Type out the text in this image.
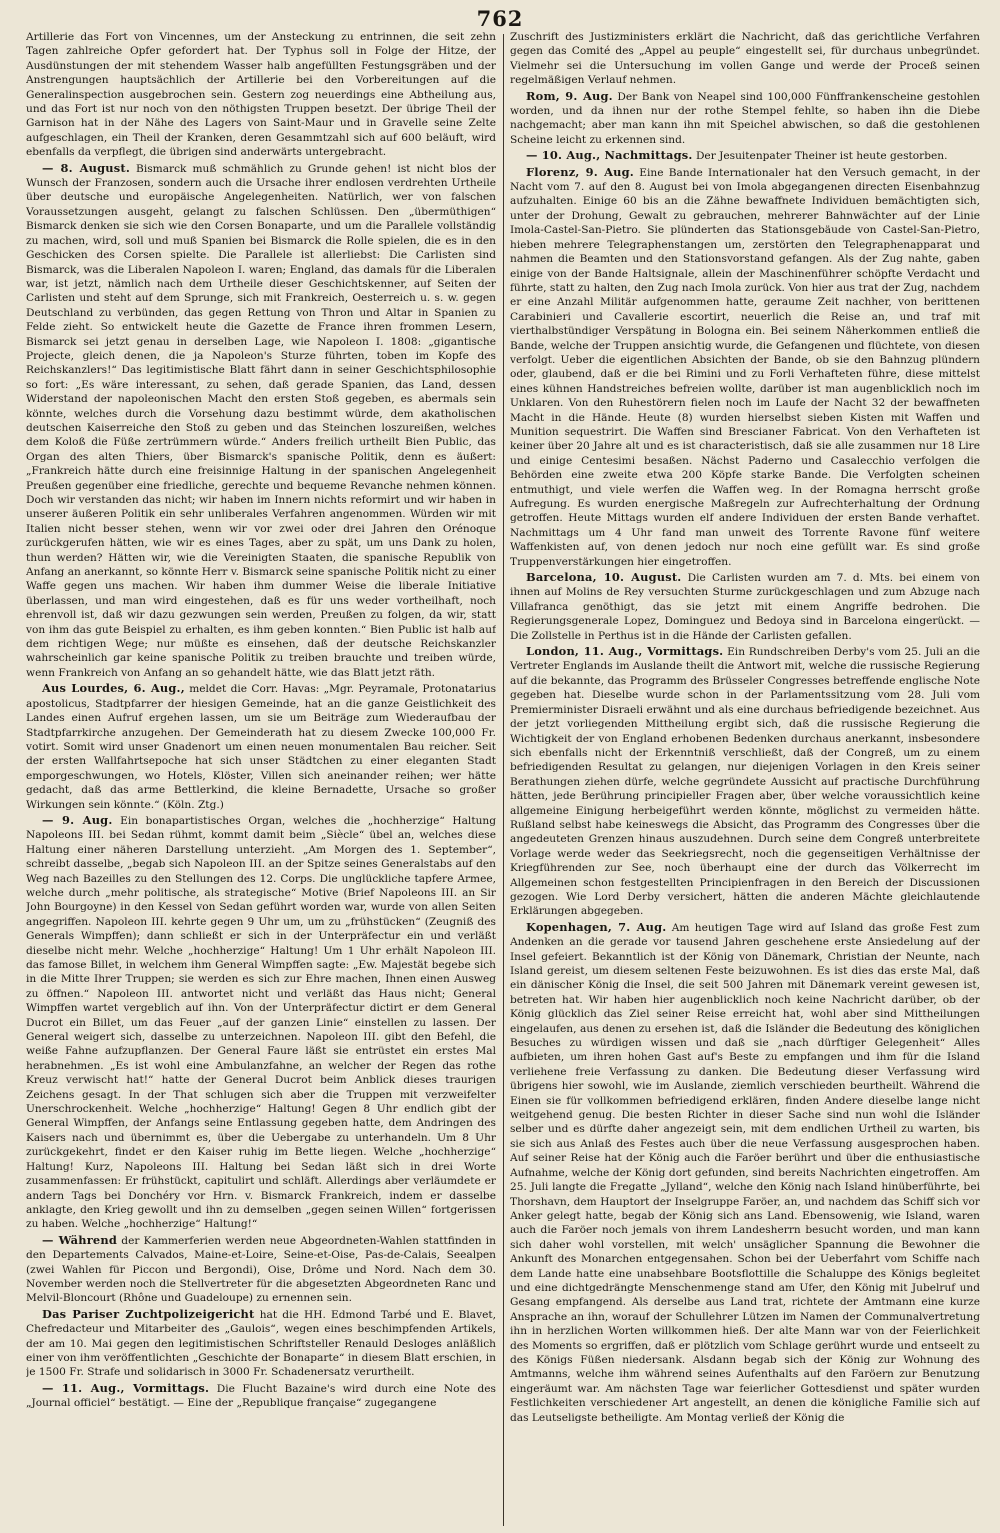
762

Artillerie das Fort von Vincennes, um der Ansteckung zu entrinnen, die seit zehn Tagen zahlreiche Opfer gefordert hat. Der Typhus soll in Folge der Hitze, der Ausdünstungen der mit stehendem Wasser halb angefüllten Festungsgräben und der Anstrengungen hauptsächlich der Artillerie bei den Vorbereitungen auf die Generalinspection ausgebrochen sein. Gestern zog neuerdings eine Abtheilung aus, und das Fort ist nur noch von den nöthigsten Truppen besetzt. Der übrige Theil der Garnison hat in der Nähe des Lagers von Saint-Maur und in Gravelle seine Zelte aufgeschlagen, ein Theil der Kranken, deren Gesammtzahl sich auf 600 beläuft, wird ebenfalls da verpflegt, die übrigen sind anderwärts untergebracht.

— 8. August. Bismarck muß schmählich zu Grunde gehen! ist nicht blos der Wunsch der Franzosen, sondern auch die Ursache ihrer endlosen verdrehten Urtheile über deutsche und europäische Angelegenheiten. Natürlich, wer von falschen Voraussetzungen ausgeht, gelangt zu falschen Schlüssen. Den „übermüthigen“ Bismarck denken sie sich wie den Corsen Bonaparte, und um die Parallele vollständig zu machen, wird, soll und muß Spanien bei Bismarck die Rolle spielen, die es in den Geschicken des Corsen spielte. Die Parallele ist allerliebst: Die Carlisten sind Bismarck, was die Liberalen Napoleon I. waren; England, das damals für die Liberalen war, ist jetzt, nämlich nach dem Urtheile dieser Geschichtskenner, auf Seiten der Carlisten und steht auf dem Sprunge, sich mit Frankreich, Oesterreich u. s. w. gegen Deutschland zu verbünden, das gegen Rettung von Thron und Altar in Spanien zu Felde zieht. So entwickelt heute die Gazette de France ihren frommen Lesern, Bismarck sei jetzt genau in derselben Lage, wie Napoleon I. 1808: „gigantische Projecte, gleich denen, die ja Napoleon's Sturze führten, toben im Kopfe des Reichskanzlers!“ Das legitimistische Blatt fährt dann in seiner Geschichtsphilosophie so fort: „Es wäre interessant, zu sehen, daß gerade Spanien, das Land, dessen Widerstand der napoleonischen Macht den ersten Stoß gegeben, es abermals sein könnte, welches durch die Vorsehung dazu bestimmt würde, dem akatholischen deutschen Kaiserreiche den Stoß zu geben und das Steinchen loszureißen, welches dem Koloß die Füße zertrümmern würde.“ Anders freilich urtheilt Bien Public, das Organ des alten Thiers, über Bismarck's spanische Politik, denn es äußert: „Frankreich hätte durch eine freisinnige Haltung in der spanischen Angelegenheit Preußen gegenüber eine friedliche, gerechte und bequeme Revanche nehmen können. Doch wir verstanden das nicht; wir haben im Innern nichts reformirt und wir haben in unserer äußeren Politik ein sehr unliberales Verfahren angenommen. Würden wir mit Italien nicht besser stehen, wenn wir vor zwei oder drei Jahren den Orénoque zurückgerufen hätten, wie wir es eines Tages, aber zu spät, um uns Dank zu holen, thun werden? Hätten wir, wie die Vereinigten Staaten, die spanische Republik von Anfang an anerkannt, so könnte Herr v. Bismarck seine spanische Politik nicht zu einer Waffe gegen uns machen. Wir haben ihm dummer Weise die liberale Initiative überlassen, und man wird eingestehen, daß es für uns weder vortheilhaft, noch ehrenvoll ist, daß wir dazu gezwungen sein werden, Preußen zu folgen, da wir, statt von ihm das gute Beispiel zu erhalten, es ihm geben konnten.“ Bien Public ist halb auf dem richtigen Wege; nur müßte es einsehen, daß der deutsche Reichskanzler wahrscheinlich gar keine spanische Politik zu treiben brauchte und treiben würde, wenn Frankreich von Anfang an so gehandelt hätte, wie das Blatt jetzt räth.

Aus Lourdes, 6. Aug., meldet die Corr. Havas: „Mgr. Peyramale, Protonatarius apostolicus, Stadtpfarrer der hiesigen Gemeinde, hat an die ganze Geistlichkeit des Landes einen Aufruf ergehen lassen, um sie um Beiträge zum Wiederaufbau der Stadtpfarrkirche anzugehen. Der Gemeinderath hat zu diesem Zwecke 100,000 Fr. votirt. Somit wird unser Gnadenort um einen neuen monumentalen Bau reicher. Seit der ersten Wallfahrtsepoche hat sich unser Städtchen zu einer eleganten Stadt emporgeschwungen, wo Hotels, Klöster, Villen sich aneinander reihen; wer hätte gedacht, daß das arme Bettlerkind, die kleine Bernadette, Ursache so großer Wirkungen sein könnte.“ (Köln. Ztg.)

— 9. Aug. Ein bonapartistisches Organ, welches die „hochherzige“ Haltung Napoleons III. bei Sedan rühmt, kommt damit beim „Siècle“ übel an, welches diese Haltung einer näheren Darstellung unterzieht. „Am Morgen des 1. September“, schreibt dasselbe, „begab sich Napoleon III. an der Spitze seines Generalstabs auf den Weg nach Bazeilles zu den Stellungen des 12. Corps. Die unglückliche tapfere Armee, welche durch „mehr politische, als strategische“ Motive (Brief Napoleons III. an Sir John Bourgoyne) in den Kessel von Sedan geführt worden war, wurde von allen Seiten angegriffen. Napoleon III. kehrte gegen 9 Uhr um, um zu „frühstücken“ (Zeugniß des Generals Wimpffen); dann schließt er sich in der Unterpräfectur ein und verläßt dieselbe nicht mehr. Welche „hochherzige“ Haltung! Um 1 Uhr erhält Napoleon III. das famose Billet, in welchem ihm General Wimpffen sagte: „Ew. Majestät begebe sich in die Mitte Ihrer Truppen; sie werden es sich zur Ehre machen, Ihnen einen Ausweg zu öffnen.“ Napoleon III. antwortet nicht und verläßt das Haus nicht; General Wimpffen wartet vergeblich auf ihn. Von der Unterpräfectur dictirt er dem General Ducrot ein Billet, um das Feuer „auf der ganzen Linie“ einstellen zu lassen. Der General weigert sich, dasselbe zu unterzeichnen. Napoleon III. gibt den Befehl, die weiße Fahne aufzupflanzen. Der General Faure läßt sie entrüstet ein erstes Mal herabnehmen. „Es ist wohl eine Ambulanzfahne, an welcher der Regen das rothe Kreuz verwischt hat!“ hatte der General Ducrot beim Anblick dieses traurigen Zeichens gesagt. In der That schlugen sich aber die Truppen mit verzweifelter Unerschrockenheit. Welche „hochherzige“ Haltung! Gegen 8 Uhr endlich gibt der General Wimpffen, der Anfangs seine Entlassung gegeben hatte, dem Andringen des Kaisers nach und übernimmt es, über die Uebergabe zu unterhandeln. Um 8 Uhr zurückgekehrt, findet er den Kaiser ruhig im Bette liegen. Welche „hochherzige“ Haltung! Kurz, Napoleons III. Haltung bei Sedan läßt sich in drei Worte zusammenfassen: Er frühstückt, capitulirt und schläft. Allerdings aber verläumdete er andern Tags bei Donchéry vor Hrn. v. Bismarck Frankreich, indem er dasselbe anklagte, den Krieg gewollt und ihn zu demselben „gegen seinen Willen“ fortgerissen zu haben. Welche „hochherzige“ Haltung!“

— Während der Kammerferien werden neue Abgeordneten-Wahlen stattfinden in den Departements Calvados, Maine-et-Loire, Seine-et-Oise, Pas-de-Calais, Seealpen (zwei Wahlen für Piccon und Bergondi), Oise, Drôme und Nord. Nach dem 30. November werden noch die Stellvertreter für die abgesetzten Abgeordneten Ranc und Melvil-Bloncourt (Rhône und Guadeloupe) zu ernennen sein.

Das Pariser Zuchtpolizeigericht hat die HH. Edmond Tarbé und E. Blavet, Chefredacteur und Mitarbeiter des „Gaulois“, wegen eines beschimpfenden Artikels, der am 10. Mai gegen den legitimistischen Schriftsteller Renauld Desloges anläßlich einer von ihm veröffentlichten „Geschichte der Bonaparte“ in diesem Blatt erschien, in je 1500 Fr. Strafe und solidarisch in 3000 Fr. Schadenersatz verurtheilt.

— 11. Aug., Vormittags. Die Flucht Bazaine's wird durch eine Note des „Journal officiel“ bestätigt. — Eine der „Republique française“ zugegangene

Zuschrift des Justizministers erklärt die Nachricht, daß das gerichtliche Verfahren gegen das Comité des „Appel au peuple“ eingestellt sei, für durchaus unbegründet. Vielmehr sei die Untersuchung im vollen Gange und werde der Proceß seinen regelmäßigen Verlauf nehmen.

Rom, 9. Aug. Der Bank von Neapel sind 100,000 Fünffrankenscheine gestohlen worden, und da ihnen nur der rothe Stempel fehlte, so haben ihn die Diebe nachgemacht; aber man kann ihn mit Speichel abwischen, so daß die gestohlenen Scheine leicht zu erkennen sind.

— 10. Aug., Nachmittags. Der Jesuitenpater Theiner ist heute gestorben.

Florenz, 9. Aug. Eine Bande Internationaler hat den Versuch gemacht, in der Nacht vom 7. auf den 8. August bei von Imola abgegangenen directen Eisenbahnzug aufzuhalten. Einige 60 bis an die Zähne bewaffnete Individuen bemächtigten sich, unter der Drohung, Gewalt zu gebrauchen, mehrerer Bahnwächter auf der Linie Imola-Castel-San-Pietro. Sie plünderten das Stationsgebäude von Castel-San-Pietro, hieben mehrere Telegraphenstangen um, zerstörten den Telegraphenapparat und nahmen die Beamten und den Stationsvorstand gefangen. Als der Zug nahte, gaben einige von der Bande Haltsignale, allein der Maschinenführer schöpfte Verdacht und führte, statt zu halten, den Zug nach Imola zurück. Von hier aus trat der Zug, nachdem er eine Anzahl Militär aufgenommen hatte, geraume Zeit nachher, von berittenen Carabinieri und Cavallerie escortirt, neuerlich die Reise an, und traf mit vierthalbstündiger Verspätung in Bologna ein. Bei seinem Näherkommen entließ die Bande, welche der Truppen ansichtig wurde, die Gefangenen und flüchtete, von diesen verfolgt. Ueber die eigentlichen Absichten der Bande, ob sie den Bahnzug plündern oder, glaubend, daß er die bei Rimini und zu Forli Verhafteten führe, diese mittelst eines kühnen Handstreiches befreien wollte, darüber ist man augenblicklich noch im Unklaren. Von den Ruhestörern fielen noch im Laufe der Nacht 32 der bewaffneten Macht in die Hände. Heute (8) wurden hierselbst sieben Kisten mit Waffen und Munition sequestrirt. Die Waffen sind Brescianer Fabricat. Von den Verhafteten ist keiner über 20 Jahre alt und es ist characteristisch, daß sie alle zusammen nur 18 Lire und einige Centesimi besaßen. Nächst Paderno und Casalecchio verfolgen die Behörden eine zweite etwa 200 Köpfe starke Bande. Die Verfolgten scheinen entmuthigt, und viele werfen die Waffen weg. In der Romagna herrscht große Aufregung. Es wurden energische Maßregeln zur Aufrechterhaltung der Ordnung getroffen. Heute Mittags wurden elf andere Individuen der ersten Bande verhaftet. Nachmittags um 4 Uhr fand man unweit des Torrente Ravone fünf weitere Waffenkisten auf, von denen jedoch nur noch eine gefüllt war. Es sind große Truppenverstärkungen hier eingetroffen.

Barcelona, 10. August. Die Carlisten wurden am 7. d. Mts. bei einem von ihnen auf Molins de Rey versuchten Sturme zurückgeschlagen und zum Abzuge nach Villafranca genöthigt, das sie jetzt mit einem Angriffe bedrohen. Die Regierungsgenerale Lopez, Dominguez und Bedoya sind in Barcelona eingerückt. — Die Zollstelle in Perthus ist in die Hände der Carlisten gefallen.

London, 11. Aug., Vormittags. Ein Rundschreiben Derby's vom 25. Juli an die Vertreter Englands im Auslande theilt die Antwort mit, welche die russische Regierung auf die bekannte, das Programm des Brüsseler Congresses betreffende englische Note gegeben hat. Dieselbe wurde schon in der Parlamentssitzung vom 28. Juli vom Premierminister Disraeli erwähnt und als eine durchaus befriedigende bezeichnet. Aus der jetzt vorliegenden Mittheilung ergibt sich, daß die russische Regierung die Wichtigkeit der von England erhobenen Bedenken durchaus anerkannt, insbesondere sich ebenfalls nicht der Erkenntniß verschließt, daß der Congreß, um zu einem befriedigenden Resultat zu gelangen, nur diejenigen Vorlagen in den Kreis seiner Berathungen ziehen dürfe, welche gegründete Aussicht auf practische Durchführung hätten, jede Berührung principieller Fragen aber, über welche voraussichtlich keine allgemeine Einigung herbeigeführt werden könnte, möglichst zu vermeiden hätte. Rußland selbst habe keineswegs die Absicht, das Programm des Congresses über die angedeuteten Grenzen hinaus auszudehnen. Durch seine dem Congreß unterbreitete Vorlage werde weder das Seekriegsrecht, noch die gegenseitigen Verhältnisse der Kriegführenden zur See, noch überhaupt eine der durch das Völkerrecht im Allgemeinen schon festgestellten Principienfragen in den Bereich der Discussionen gezogen. Wie Lord Derby versichert, hätten die anderen Mächte gleichlautende Erklärungen abgegeben.

Kopenhagen, 7. Aug. Am heutigen Tage wird auf Island das große Fest zum Andenken an die gerade vor tausend Jahren geschehene erste Ansiedelung auf der Insel gefeiert. Bekanntlich ist der König von Dänemark, Christian der Neunte, nach Island gereist, um diesem seltenen Feste beizuwohnen. Es ist dies das erste Mal, daß ein dänischer König die Insel, die seit 500 Jahren mit Dänemark vereint gewesen ist, betreten hat. Wir haben hier augenblicklich noch keine Nachricht darüber, ob der König glücklich das Ziel seiner Reise erreicht hat, wohl aber sind Mittheilungen eingelaufen, aus denen zu ersehen ist, daß die Isländer die Bedeutung des königlichen Besuches zu würdigen wissen und daß sie „nach dürftiger Gelegenheit“ Alles aufbieten, um ihren hohen Gast auf's Beste zu empfangen und ihm für die Island verliehene freie Verfassung zu danken. Die Bedeutung dieser Verfassung wird übrigens hier sowohl, wie im Auslande, ziemlich verschieden beurtheilt. Während die Einen sie für vollkommen befriedigend erklären, finden Andere dieselbe lange nicht weitgehend genug. Die besten Richter in dieser Sache sind nun wohl die Isländer selber und es dürfte daher angezeigt sein, mit dem endlichen Urtheil zu warten, bis sie sich aus Anlaß des Festes auch über die neue Verfassung ausgesprochen haben. Auf seiner Reise hat der König auch die Faröer berührt und über die enthusiastische Aufnahme, welche der König dort gefunden, sind bereits Nachrichten eingetroffen. Am 25. Juli langte die Fregatte „Jylland“, welche den König nach Island hinüberführte, bei Thorshavn, dem Hauptort der Inselgruppe Faröer, an, und nachdem das Schiff sich vor Anker gelegt hatte, begab der König sich ans Land. Ebensowenig, wie Island, waren auch die Faröer noch jemals von ihrem Landesherrn besucht worden, und man kann sich daher wohl vorstellen, mit welch' unsäglicher Spannung die Bewohner die Ankunft des Monarchen entgegensahen. Schon bei der Ueberfahrt vom Schiffe nach dem Lande hatte eine unabsehbare Bootsflottille die Schaluppe des Königs begleitet und eine dichtgedrängte Menschenmenge stand am Ufer, den König mit Jubelruf und Gesang empfangend. Als derselbe aus Land trat, richtete der Amtmann eine kurze Ansprache an ihn, worauf der Schullehrer Lützen im Namen der Communalvertretung ihn in herzlichen Worten willkommen hieß. Der alte Mann war von der Feierlichkeit des Moments so ergriffen, daß er plötzlich vom Schlage gerührt wurde und entseelt zu des Königs Füßen niedersank. Alsdann begab sich der König zur Wohnung des Amtmanns, welche ihm während seines Aufenthalts auf den Faröern zur Benutzung eingeräumt war. Am nächsten Tage war feierlicher Gottesdienst und später wurden Festlichkeiten verschiedener Art angestellt, an denen die königliche Familie sich auf das Leutseligste betheiligte. Am Montag verließ der König die
